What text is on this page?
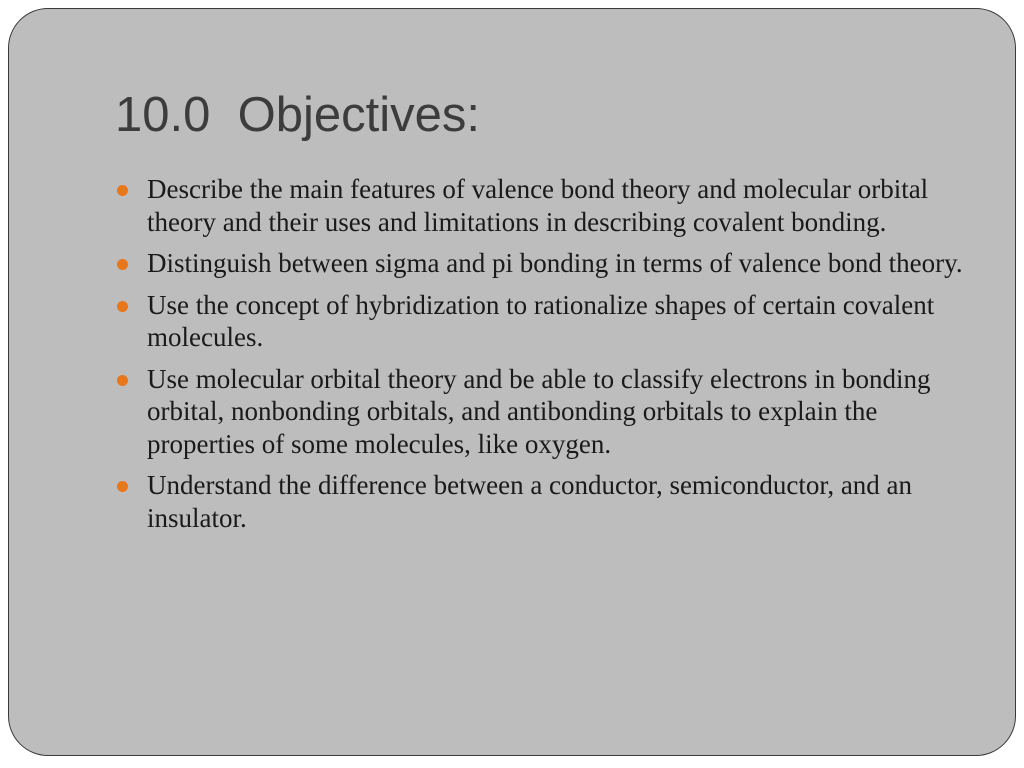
10.0  Objectives:
Describe the main features of valence bond theory and molecular orbital theory and their uses and limitations in describing covalent bonding.
Distinguish between sigma and pi bonding in terms of valence bond theory.
Use the concept of hybridization to rationalize shapes of certain covalent molecules.
Use molecular orbital theory and be able to classify electrons in bonding orbital, nonbonding orbitals, and antibonding orbitals to explain the properties of some molecules, like oxygen.
Understand the difference between a conductor, semiconductor, and an insulator.
